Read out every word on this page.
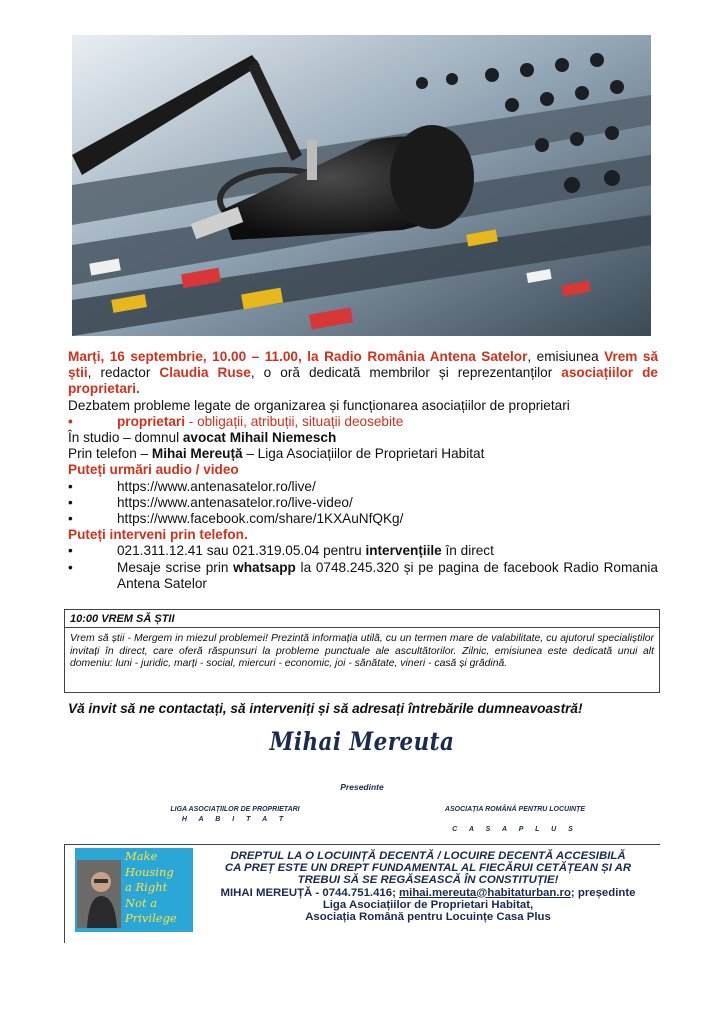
Marți, 16 septembrie, 10.00 – 11.00, la Radio România Antena Satelor, emisiunea Vrem să știi, redactor Claudia Ruse, o oră dedicată membrilor și reprezentanților asociațiilor de proprietari.

Dezbatem probleme legate de organizarea și funcționarea asociațiilor de proprietari

•	proprietari - obligații, atribuții, situații deosebite

În studio – domnul avocat Mihail Niemesch

Prin telefon – Mihai Mereuță – Liga Asociațiilor de Proprietari Habitat

Puteți urmări audio / video

•	https://www.antenasatelor.ro/live/
•	https://www.antenasatelor.ro/live-video/
•	https://www.facebook.com/share/1KXAuNfQKg/

Puteți interveni prin telefon.

•	021.311.12.41 sau 021.319.05.04 pentru intervențiile în direct
•	Mesaje scrise prin whatsapp la 0748.245.320 și pe pagina de facebook Radio Romania Antena Satelor
10:00 VREM SĂ ȘTII
Vrem să știi - Mergem in miezul problemei! Prezintă informația utilă, cu un termen mare de valabilitate, cu ajutorul specialiștilor invitați în direct, care oferă răspunsuri la probleme punctuale ale ascultătorilor. Zilnic, emisiunea este dedicată unui alt domeniu: luni - juridic, marți - social, miercuri - economic, joi - sănătate, vineri - casă și grădină.
Vă invit să ne contactați, să interveniți și să adresați întrebările dumneavoastră!
Mihai Mereuta
Presedinte
LIGA ASOCIAȚIILOR DE PROPRIETARI
H A B I T A T
ASOCIAȚIA ROMÂNĂ PENTRU LOCUINȚE
C A S A P L U S
Make
Housing
a Right
Not a
Privilege
DREPTUL LA O LOCUINȚĂ DECENTĂ / LOCUIRE DECENTĂ ACCESIBILĂ
CA PREȚ ESTE UN DREPT FUNDAMENTAL AL FIECĂRUI CETĂȚEAN ȘI AR
TREBUI SĂ SE REGĂSEASCĂ ÎN CONSTITUȚIE!
MIHAI MEREUȚĂ - 0744.751.416; mihai.mereuta@habitaturban.ro; președinte
Liga Asociațiilor de Proprietari Habitat,
Asociația Română pentru Locuințe Casa Plus
